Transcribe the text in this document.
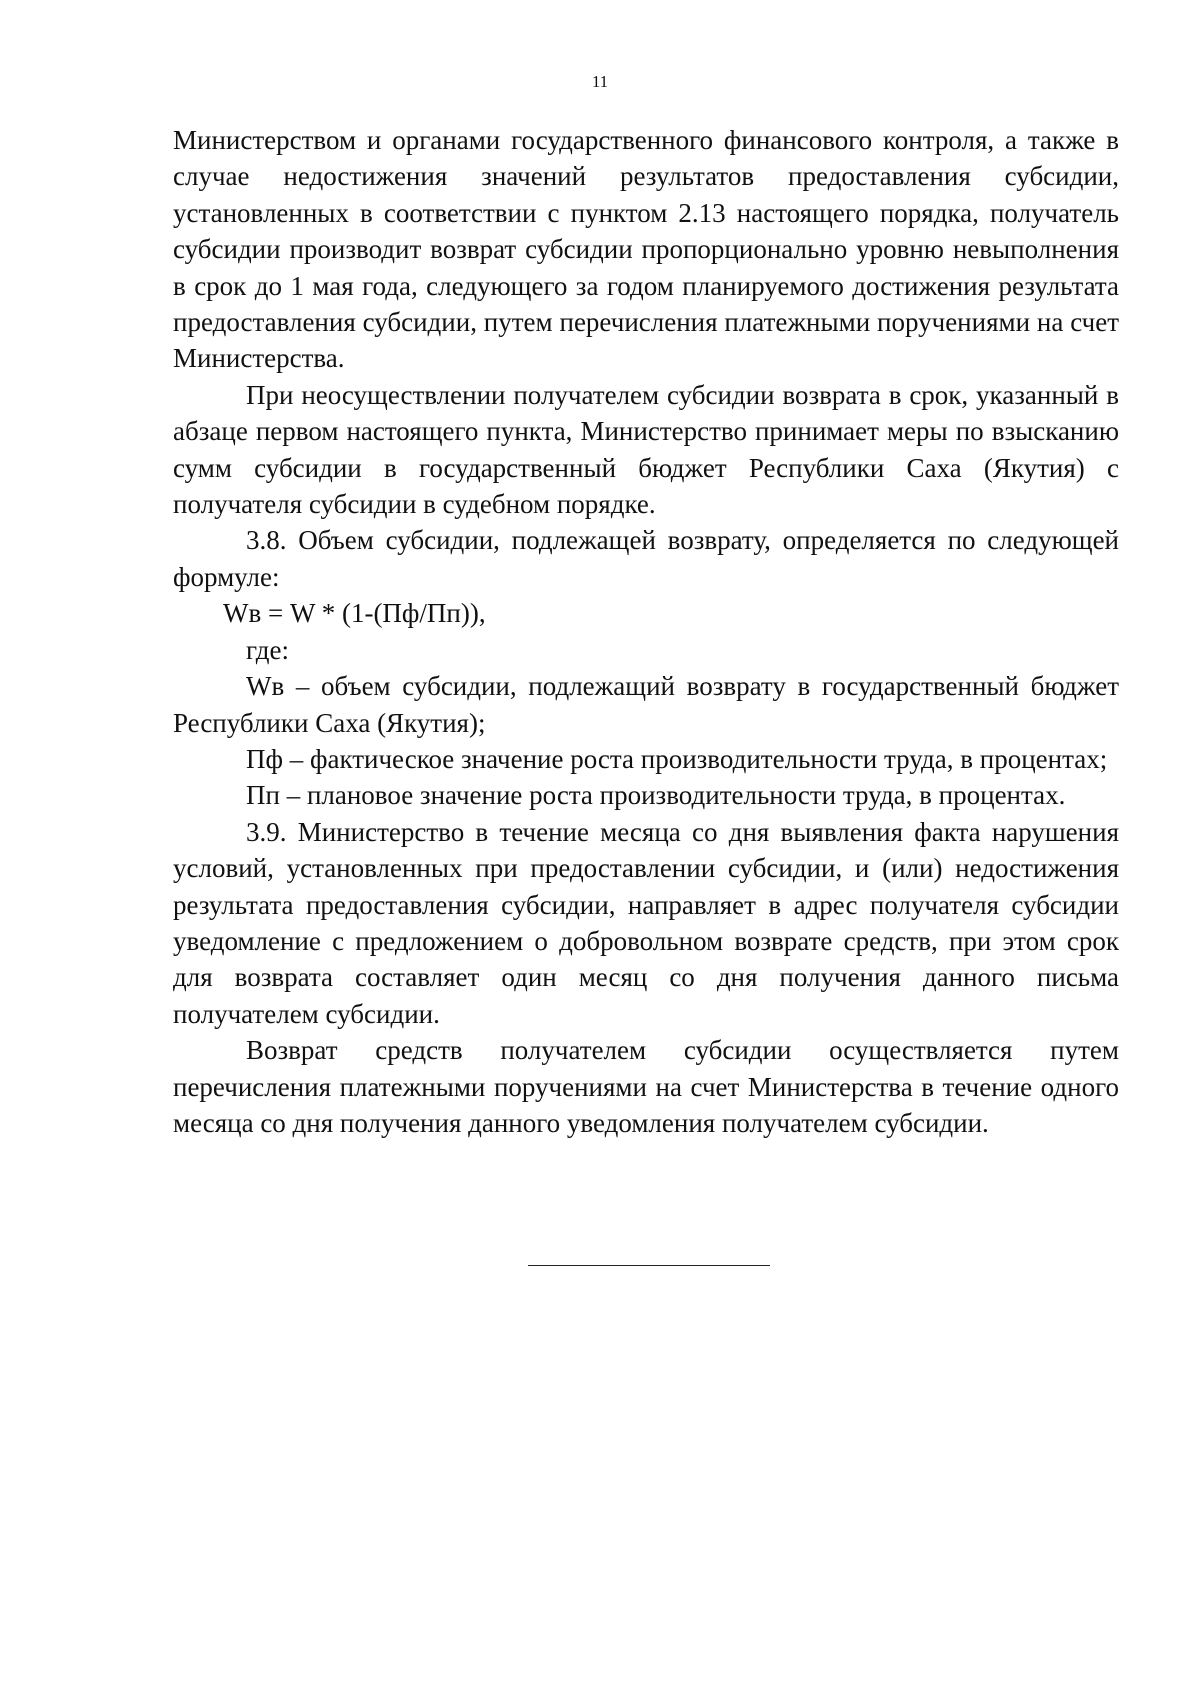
11

Министерством и органами государственного финансового контроля, а также в случае недостижения значений результатов предоставления субсидии, установленных в соответствии с пунктом 2.13 настоящего порядка, получатель субсидии производит возврат субсидии пропорционально уровню невыполнения в срок до 1 мая года, следующего за годом планируемого достижения результата предоставления субсидии, путем перечисления платежными поручениями на счет Министерства.

При неосуществлении получателем субсидии возврата в срок, указанный в абзаце первом настоящего пункта, Министерство принимает меры по взысканию сумм субсидии в государственный бюджет Республики Саха (Якутия) с получателя субсидии в судебном порядке.

3.8. Объем субсидии, подлежащей возврату, определяется по следующей формуле:

Wв = W * (1-(Пф/Пп)),

где:

Wв – объем субсидии, подлежащий возврату в государственный бюджет Республики Саха (Якутия);

Пф – фактическое значение роста производительности труда, в процентах;

Пп – плановое значение роста производительности труда, в процентах.

3.9. Министерство в течение месяца со дня выявления факта нарушения условий, установленных при предоставлении субсидии, и (или) недостижения результата предоставления субсидии, направляет в адрес получателя субсидии уведомление с предложением о добровольном возврате средств, при этом срок для возврата составляет один месяц со дня получения данного письма получателем субсидии.

Возврат средств получателем субсидии осуществляется путем перечисления платежными поручениями на счет Министерства в течение одного месяца со дня получения данного уведомления получателем субсидии.
